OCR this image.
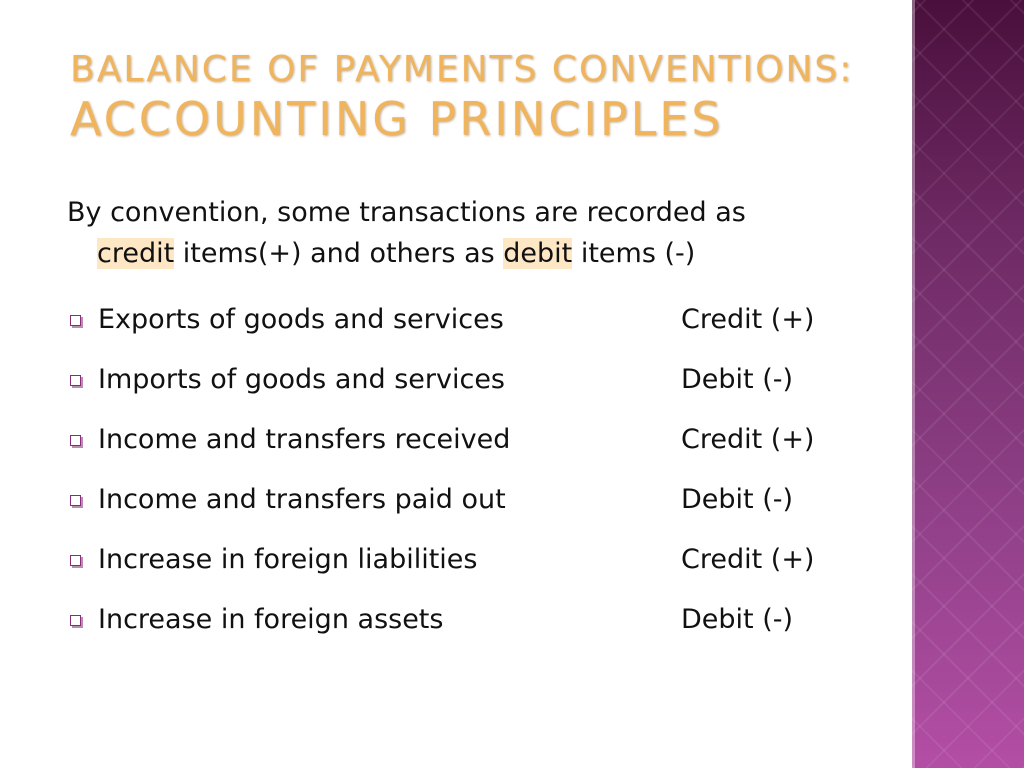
BALANCE OF PAYMENTS CONVENTIONS:
ACCOUNTING PRINCIPLES
By convention, some transactions are recorded as
credit items(+) and others as debit items (-)
Exports of goods and services	Credit (+)
Imports of goods and services	Debit (-)
Income and transfers received	Credit (+)
Income and transfers paid out	Debit (-)
Increase in foreign liabilities	Credit (+)
Increase in foreign assets	Debit (-)
